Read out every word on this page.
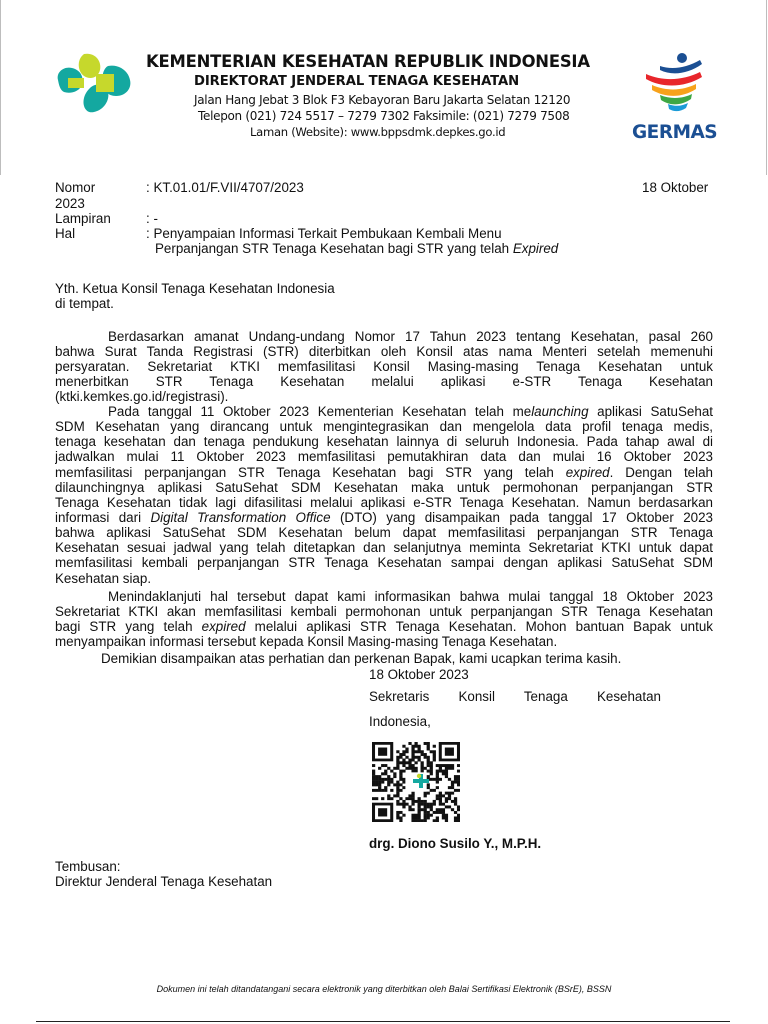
KEMENTERIAN KESEHATAN REPUBLIK INDONESIA
DIREKTORAT JENDERAL TENAGA KESEHATAN
Jalan Hang Jebat 3 Blok F3 Kebayoran Baru Jakarta Selatan 12120
Telepon (021) 724 5517 – 7279 7302 Faksimile: (021) 7279 7508
Laman (Website): www.bppsdmk.depkes.go.id	GERMAS
Nomor	: KT.01.01/F.VII/4707/2023	18 Oktober
2023
Lampiran	: -
Hal	: Penyampaian Informasi Terkait Pembukaan Kembali Menu
Perpanjangan STR Tenaga Kesehatan bagi STR yang telah Expired
Yth. Ketua Konsil Tenaga Kesehatan Indonesia
di tempat.
Berdasarkan amanat Undang-undang Nomor 17 Tahun 2023 tentang Kesehatan, pasal 260
bahwa Surat Tanda Registrasi (STR) diterbitkan oleh Konsil atas nama Menteri setelah memenuhi
persyaratan. Sekretariat KTKI memfasilitasi Konsil Masing-masing Tenaga Kesehatan untuk
menerbitkan STR Tenaga Kesehatan melalui aplikasi e-STR Tenaga Kesehatan
(ktki.kemkes.go.id/registrasi).
Pada tanggal 11 Oktober 2023 Kementerian Kesehatan telah melaunching aplikasi SatuSehat
SDM Kesehatan yang dirancang untuk mengintegrasikan dan mengelola data profil tenaga medis,
tenaga kesehatan dan tenaga pendukung kesehatan lainnya di seluruh Indonesia. Pada tahap awal di
jadwalkan mulai 11 Oktober 2023 memfasilitasi pemutakhiran data dan mulai 16 Oktober 2023
memfasilitasi perpanjangan STR Tenaga Kesehatan bagi STR yang telah expired. Dengan telah
dilaunchingnya aplikasi SatuSehat SDM Kesehatan maka untuk permohonan perpanjangan STR
Tenaga Kesehatan tidak lagi difasilitasi melalui aplikasi e-STR Tenaga Kesehatan. Namun berdasarkan
informasi dari Digital Transformation Office (DTO) yang disampaikan pada tanggal 17 Oktober 2023
bahwa aplikasi SatuSehat SDM Kesehatan belum dapat memfasilitasi perpanjangan STR Tenaga
Kesehatan sesuai jadwal yang telah ditetapkan dan selanjutnya meminta Sekretariat KTKI untuk dapat
memfasilitasi kembali perpanjangan STR Tenaga Kesehatan sampai dengan aplikasi SatuSehat SDM
Kesehatan siap.
Menindaklanjuti hal tersebut dapat kami informasikan bahwa mulai tanggal 18 Oktober 2023
Sekretariat KTKI akan memfasilitasi kembali permohonan untuk perpanjangan STR Tenaga Kesehatan
bagi STR yang telah expired melalui aplikasi STR Tenaga Kesehatan. Mohon bantuan Bapak untuk
menyampaikan informasi tersebut kepada Konsil Masing-masing Tenaga Kesehatan.
Demikian disampaikan atas perhatian dan perkenan Bapak, kami ucapkan terima kasih.
18 Oktober 2023
Sekretaris Konsil Tenaga Kesehatan
Indonesia,
drg. Diono Susilo Y., M.P.H.
Tembusan:
Direktur Jenderal Tenaga Kesehatan
Dokumen ini telah ditandatangani secara elektronik yang diterbitkan oleh Balai Sertifikasi Elektronik (BSrE), BSSN
